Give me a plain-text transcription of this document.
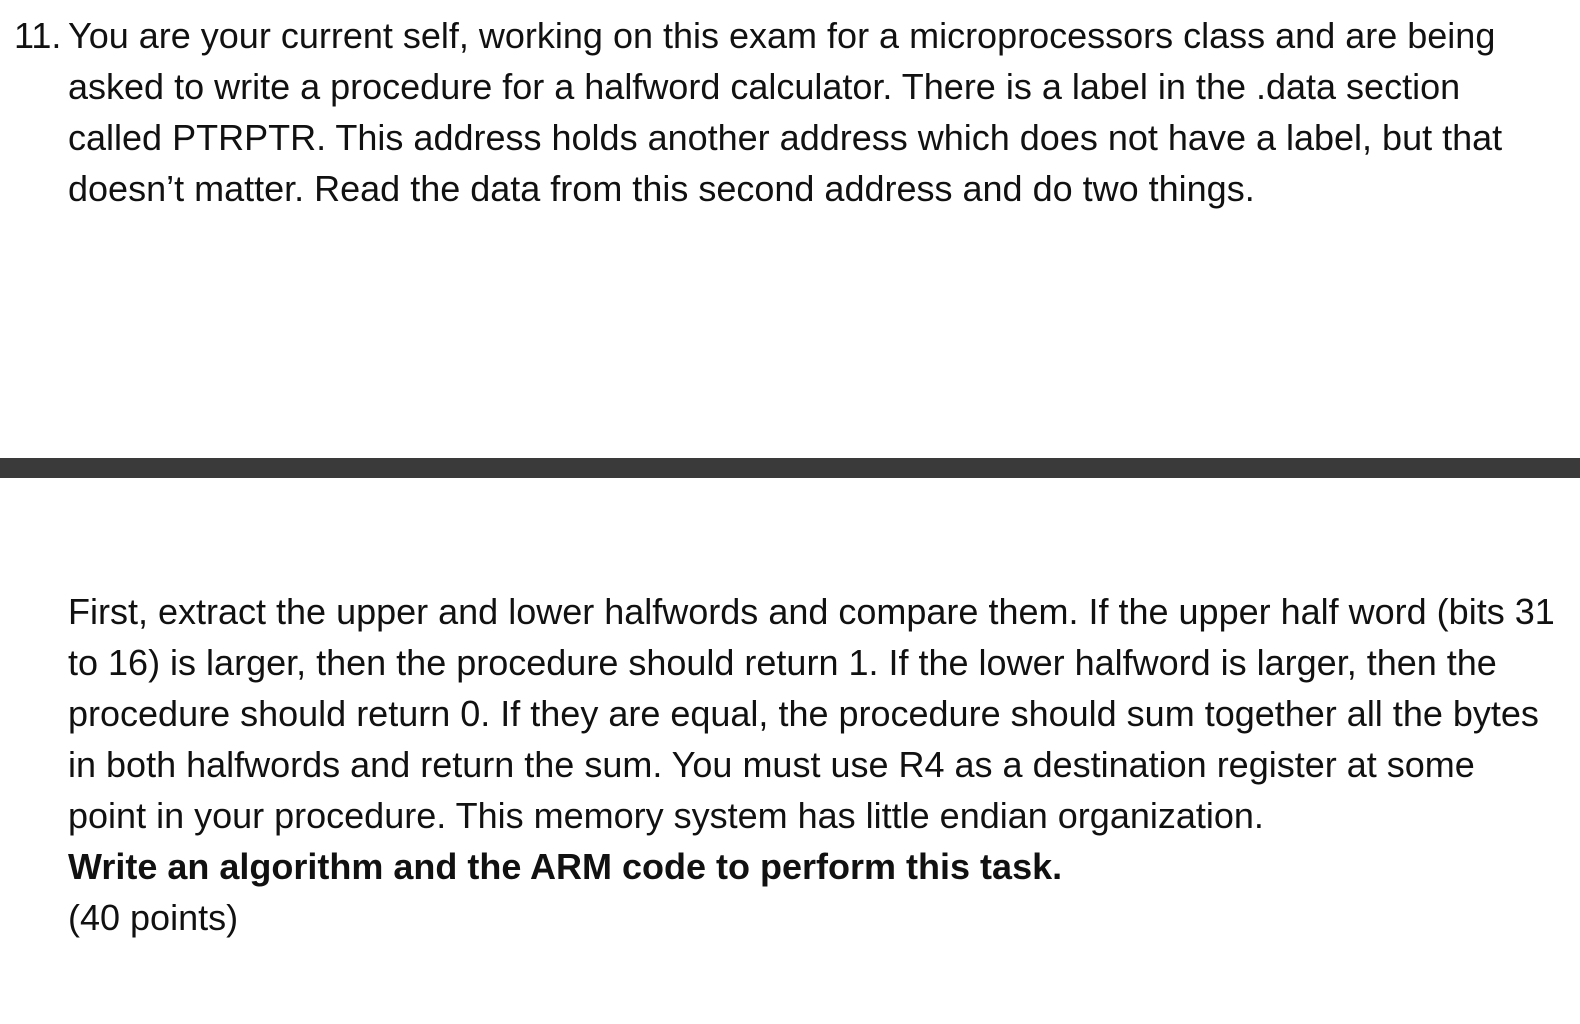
11. You are your current self, working on this exam for a microprocessors class and are being asked to write a procedure for a halfword calculator. There is a label in the .data section called PTRPTR. This address holds another address which does not have a label, but that doesn’t matter. Read the data from this second address and do two things.

First, extract the upper and lower halfwords and compare them. If the upper half word (bits 31 to 16) is larger, then the procedure should return 1. If the lower halfword is larger, then the procedure should return 0. If they are equal, the procedure should sum together all the bytes in both halfwords and return the sum. You must use R4 as a destination register at some point in your procedure. This memory system has little endian organization.

Write an algorithm and the ARM code to perform this task.

(40 points)
